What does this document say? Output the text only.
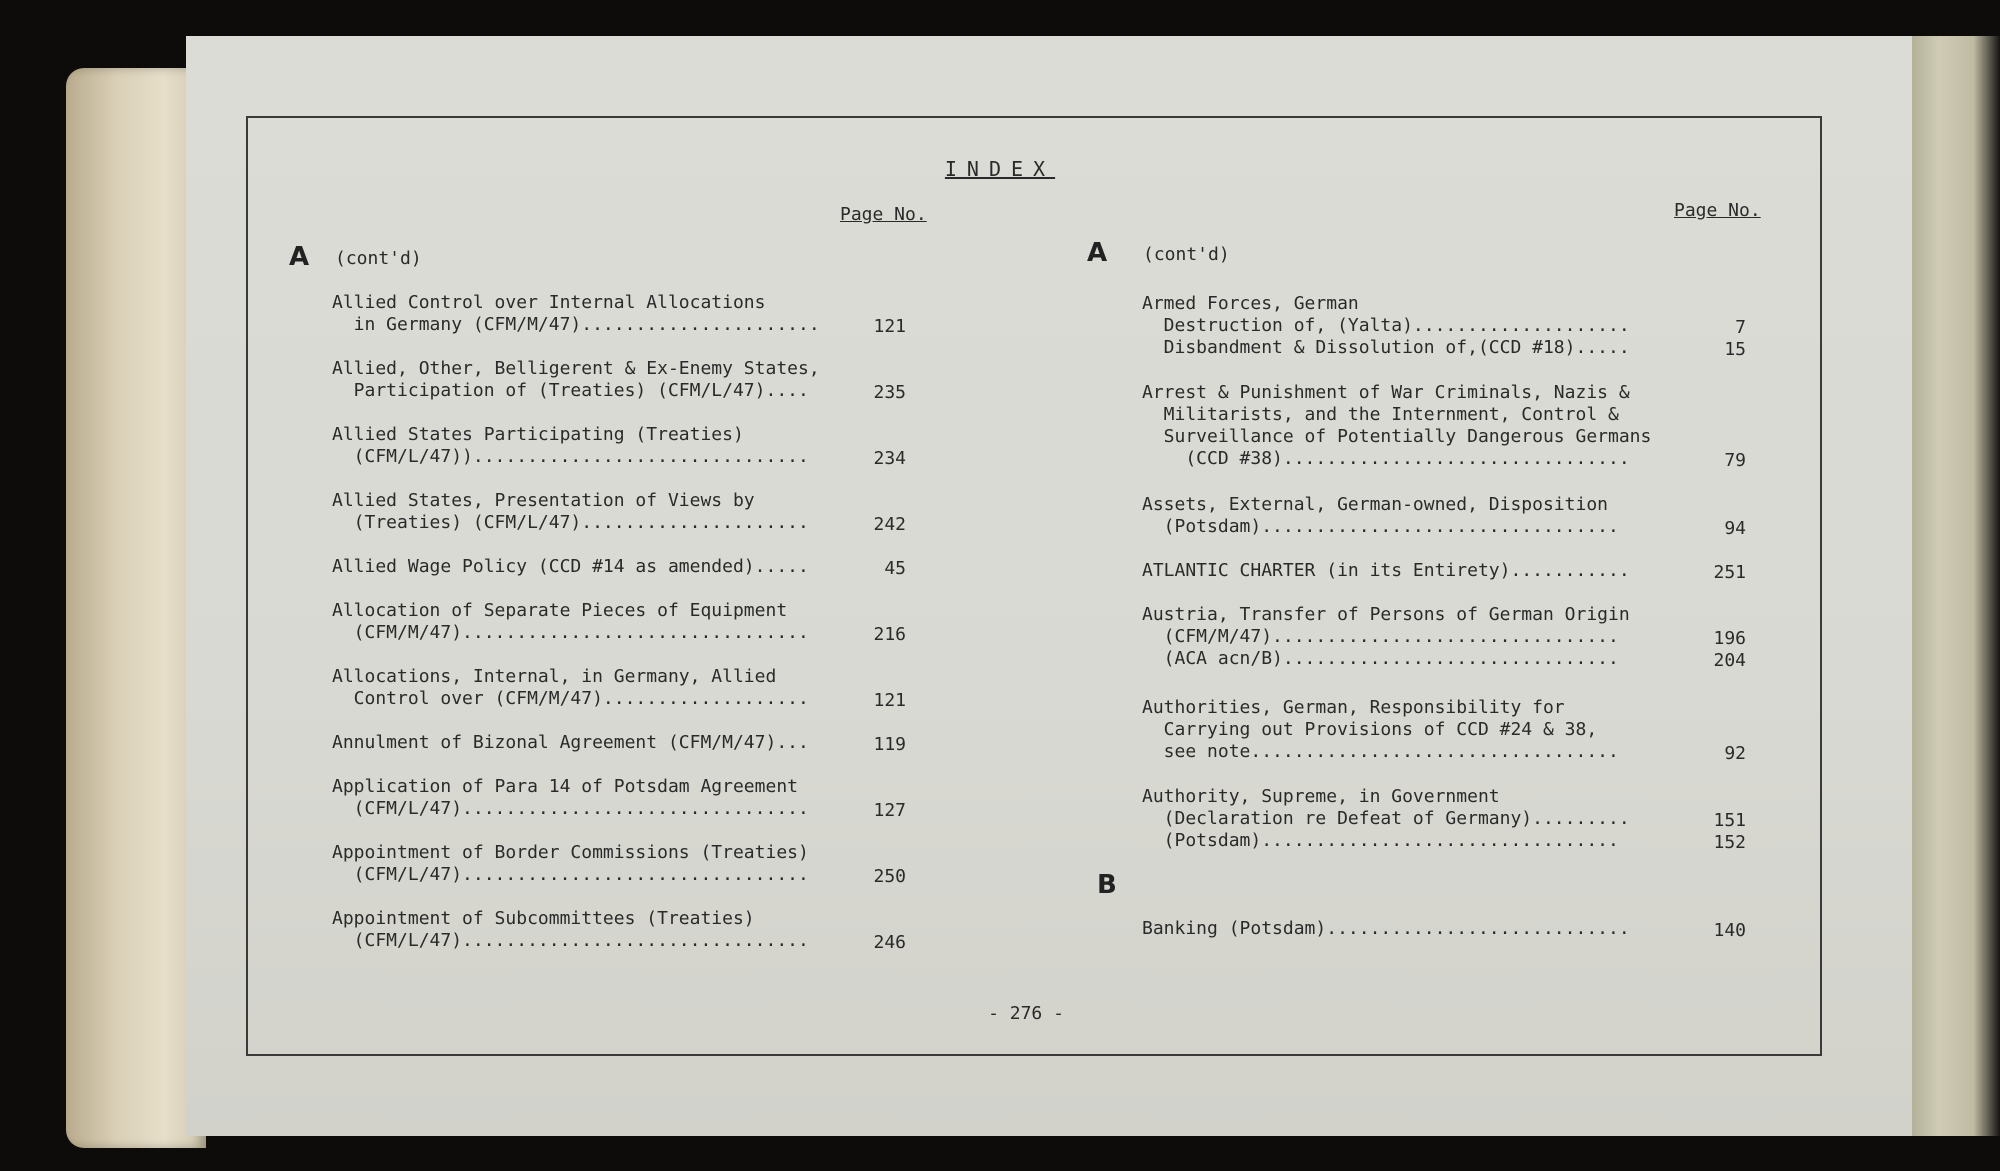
INDEX
Page No.	Page No.
A (cont'd)
Allied Control over Internal Allocations
in Germany (CFM/M/47)......................	121
Allied, Other, Belligerent & Ex-Enemy States,
Participation of (Treaties) (CFM/L/47)....	235
Allied States Participating (Treaties)
(CFM/L/47))...............................	234
Allied States, Presentation of Views by
(Treaties) (CFM/L/47).....................	242
Allied Wage Policy (CCD #14 as amended).....	45
Allocation of Separate Pieces of Equipment
(CFM/M/47)................................	216
Allocations, Internal, in Germany, Allied
Control over (CFM/M/47)...................	121
Annulment of Bizonal Agreement (CFM/M/47)...	119
Application of Para 14 of Potsdam Agreement
(CFM/L/47)................................	127
Appointment of Border Commissions (Treaties)
(CFM/L/47)................................	250
Appointment of Subcommittees (Treaties)
(CFM/L/47)................................	246
A (cont'd)
Armed Forces, German
Destruction of, (Yalta)....................	7
Disbandment & Dissolution of,(CCD #18).....	15
Arrest & Punishment of War Criminals, Nazis &
Militarists, and the Internment, Control &
Surveillance of Potentially Dangerous Germans
(CCD #38)................................	79
Assets, External, German-owned, Disposition
(Potsdam).................................	94
ATLANTIC CHARTER (in its Entirety)...........	251
Austria, Transfer of Persons of German Origin
(CFM/M/47)................................	196
(ACA acn/B)...............................	204
Authorities, German, Responsibility for
Carrying out Provisions of CCD #24 & 38,
see note..................................	92
Authority, Supreme, in Government
(Declaration re Defeat of Germany).........	151
(Potsdam).................................	152
Banking (Potsdam)............................	140
B
- 276 -
